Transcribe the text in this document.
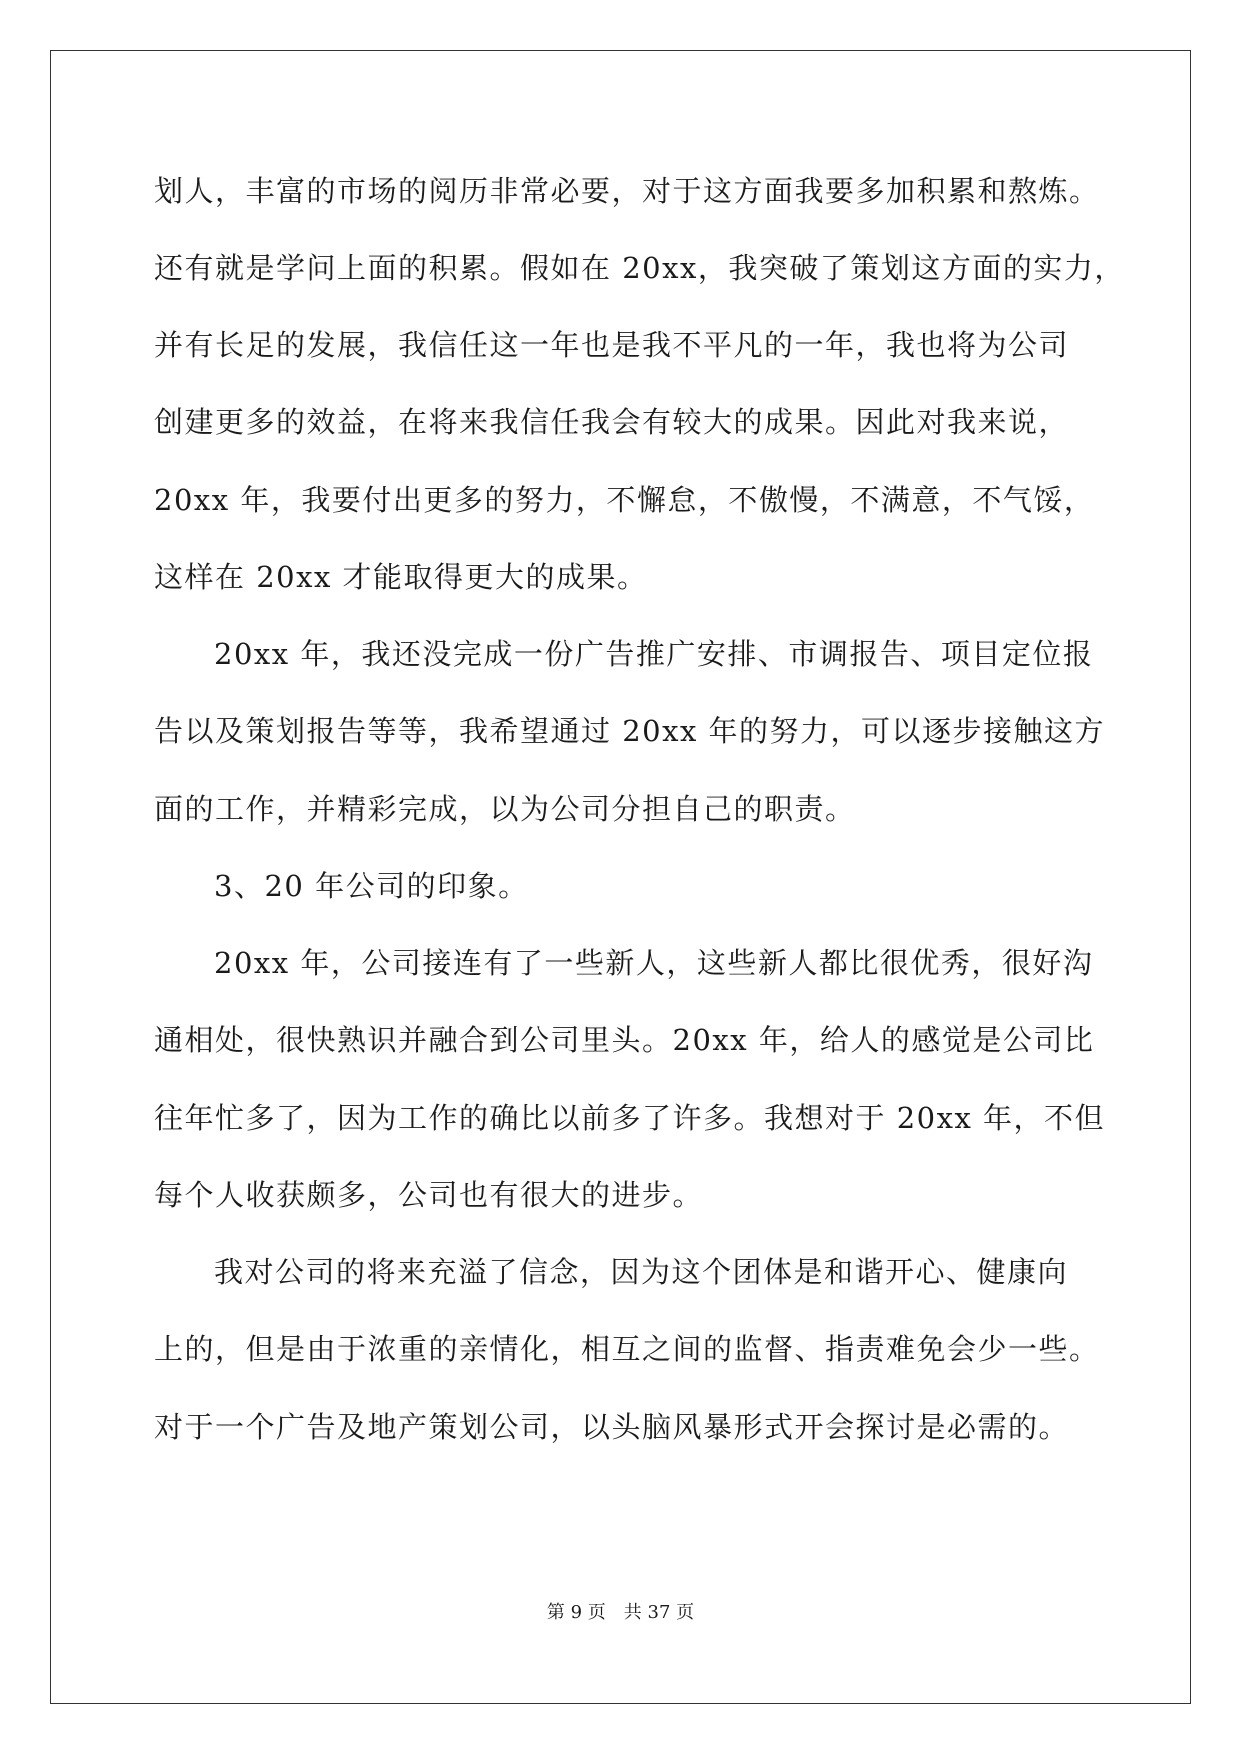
划人，丰富的市场的阅历非常必要，对于这方面我要多加积累和熬炼。
还有就是学问上面的积累。假如在 20xx，我突破了策划这方面的实力，
并有长足的发展，我信任这一年也是我不平凡的一年，我也将为公司
创建更多的效益，在将来我信任我会有较大的成果。因此对我来说，
20xx 年，我要付出更多的努力，不懈怠，不傲慢，不满意，不气馁，
这样在 20xx 才能取得更大的成果。
20xx 年，我还没完成一份广告推广安排、市调报告、项目定位报
告以及策划报告等等，我希望通过 20xx 年的努力，可以逐步接触这方
面的工作，并精彩完成，以为公司分担自己的职责。
3、20 年公司的印象。
20xx 年，公司接连有了一些新人，这些新人都比很优秀，很好沟
通相处，很快熟识并融合到公司里头。20xx 年，给人的感觉是公司比
往年忙多了，因为工作的确比以前多了许多。我想对于 20xx 年，不但
每个人收获颇多，公司也有很大的进步。
我对公司的将来充溢了信念，因为这个团体是和谐开心、健康向
上的，但是由于浓重的亲情化，相互之间的监督、指责难免会少一些。
对于一个广告及地产策划公司，以头脑风暴形式开会探讨是必需的。
第 9 页　共 37 页
